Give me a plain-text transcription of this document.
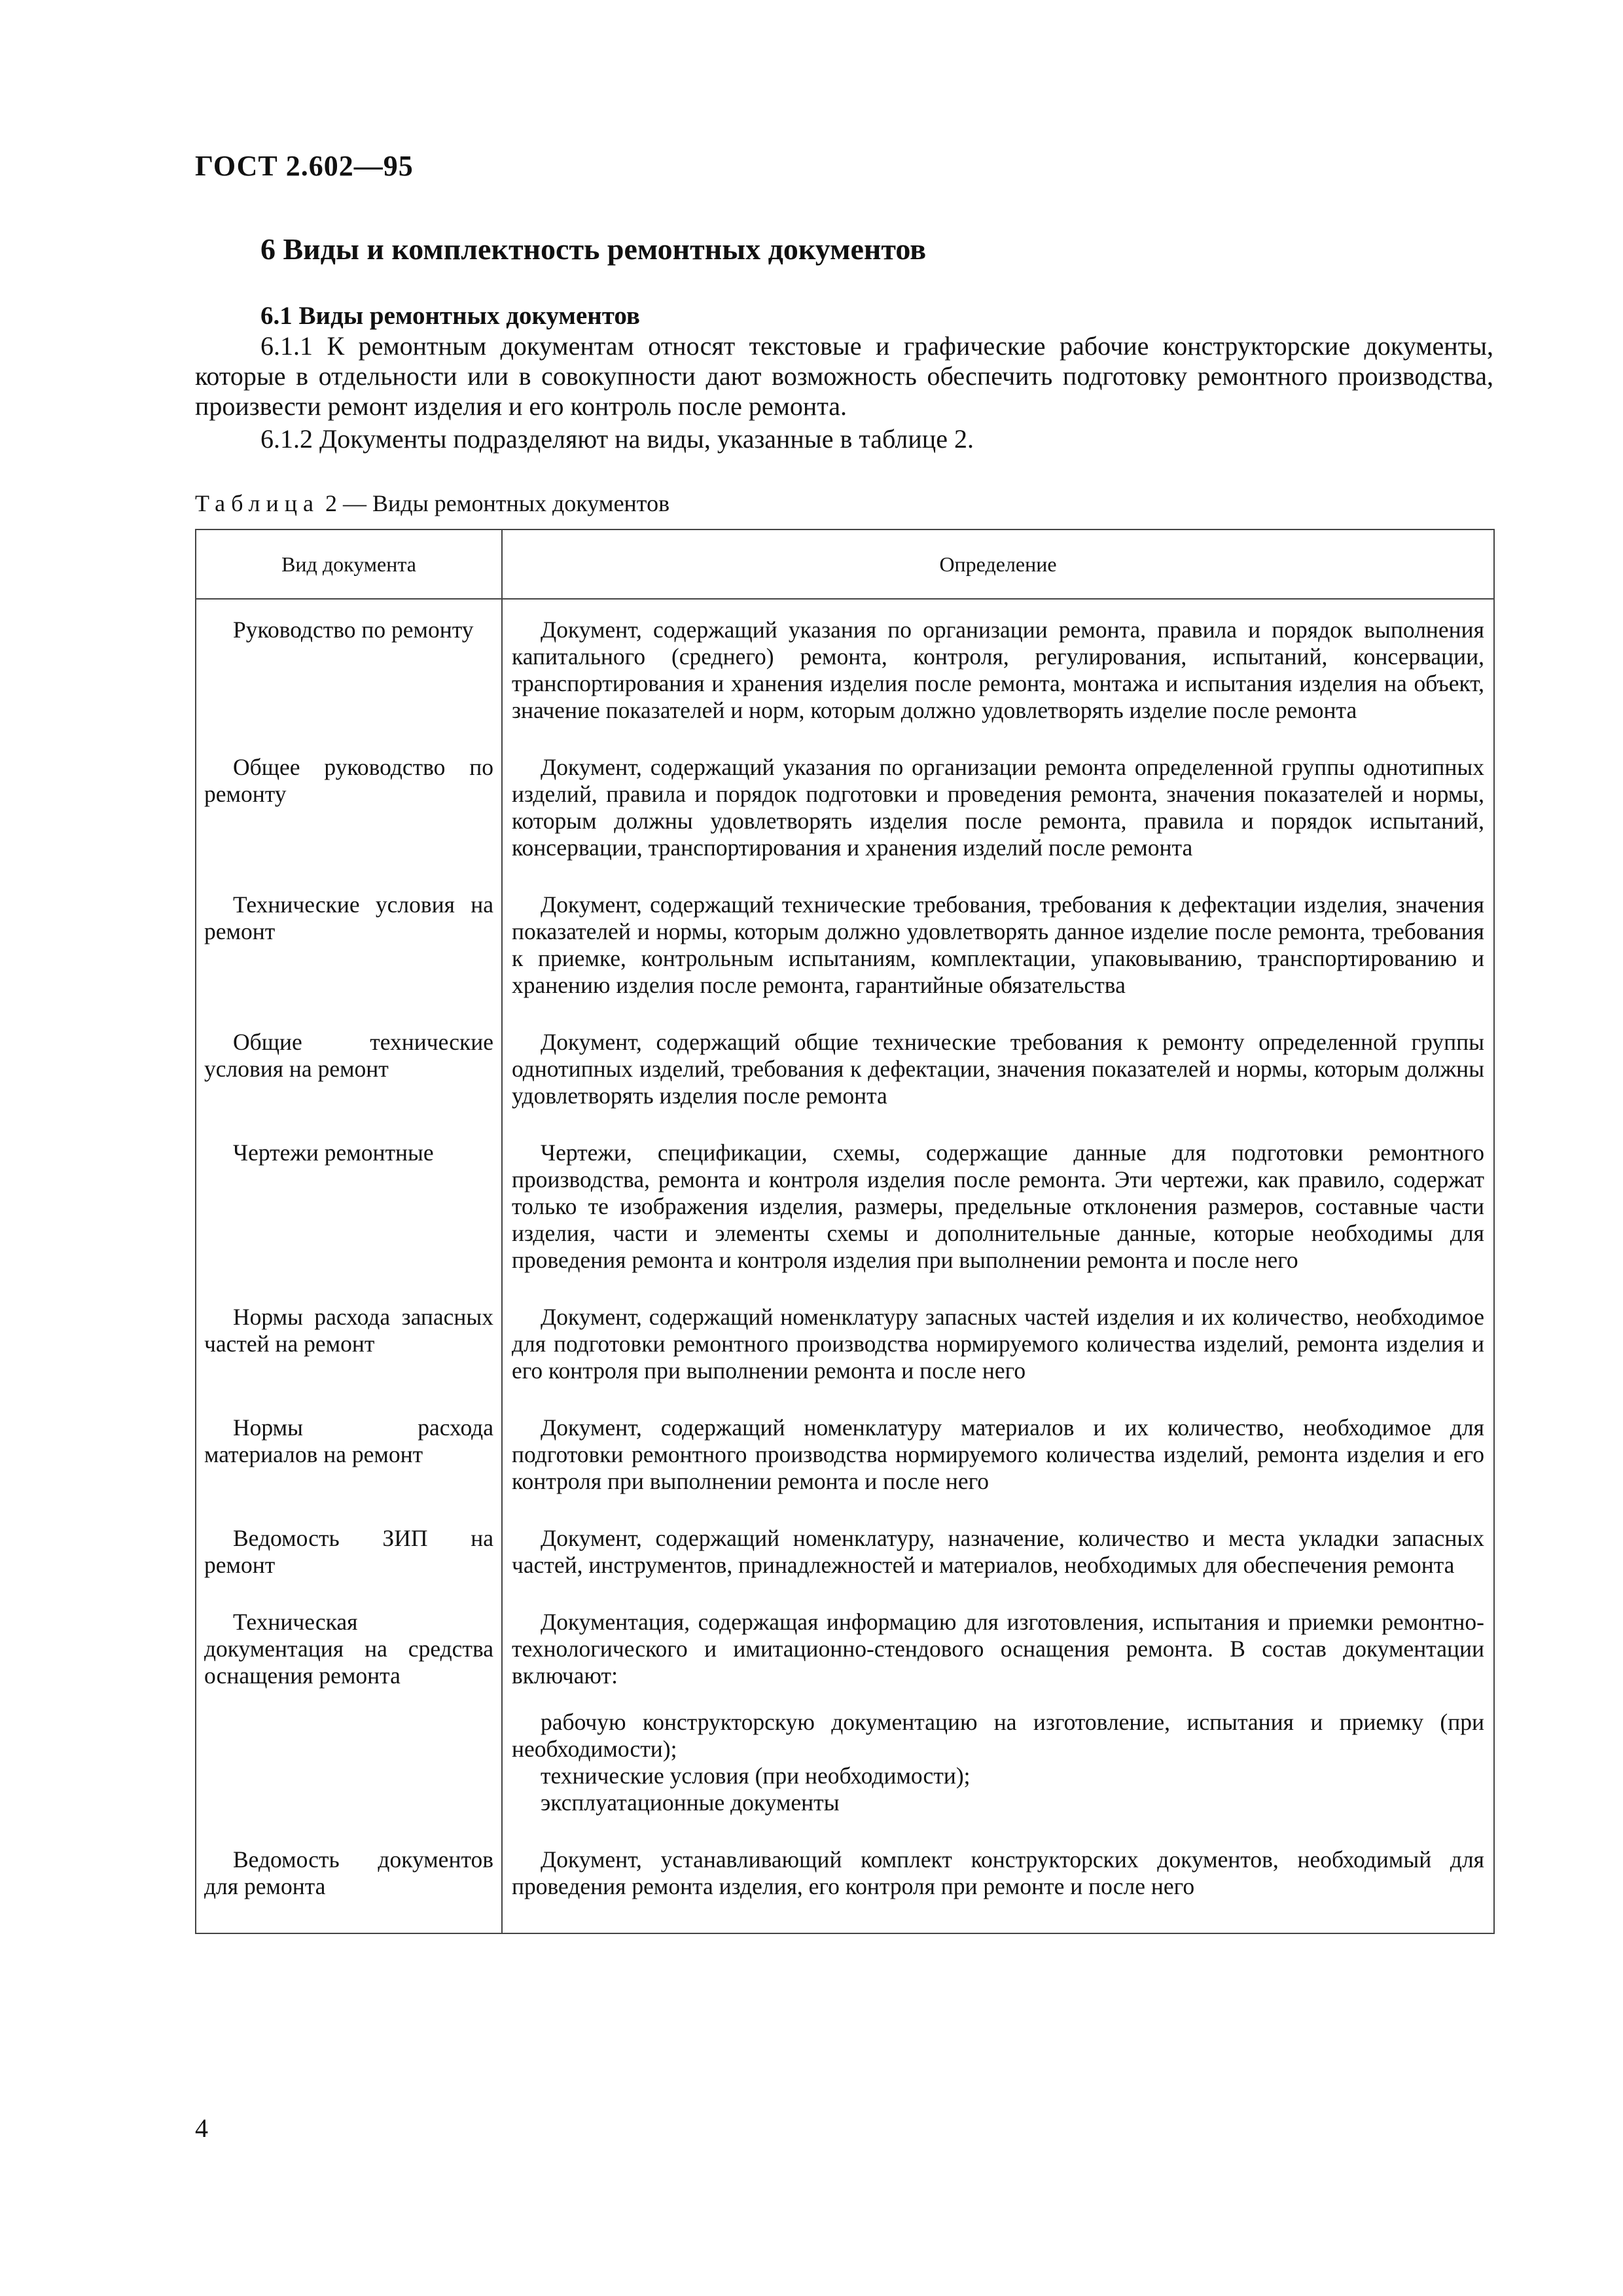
ГОСТ 2.602—95
6 Виды и комплектность ремонтных документов
6.1 Виды ремонтных документов
6.1.1 К ремонтным документам относят текстовые и графические рабочие конструкторские документы, которые в отдельности или в совокупности дают возможность обеспечить подготовку ремонтного производства, произвести ремонт изделия и его контроль после ремонта.
6.1.2 Документы подразделяют на виды, указанные в таблице 2.
Таблица 2 — Виды ремонтных документов
Вид документа	Определение
Руководство по ремонту	Документ, содержащий указания по организации ремонта, правила и порядок выполнения капитального (среднего) ремонта, контроля, регулирования, испытаний, консервации, транспортирования и хранения изделия после ремонта, монтажа и испытания изделия на объект, значение показателей и норм, которым должно удовлетворять изделие после ремонта
Общее руководство по ремонту	Документ, содержащий указания по организации ремонта определенной группы однотипных изделий, правила и порядок подготовки и проведения ремонта, значения показателей и нормы, которым должны удовлетворять изделия после ремонта, правила и порядок испытаний, консервации, транспортирования и хранения изделий после ремонта
Технические условия на ремонт	Документ, содержащий технические требования, требования к дефектации изделия, значения показателей и нормы, которым должно удовлетворять данное изделие после ремонта, требования к приемке, контрольным испытаниям, комплектации, упаковыванию, транспортированию и хранению изделия после ремонта, гарантийные обязательства
Общие технические условия на ремонт	Документ, содержащий общие технические требования к ремонту определенной группы однотипных изделий, требования к дефектации, значения показателей и нормы, которым должны удовлетворять изделия после ремонта
Чертежи ремонтные	Чертежи, спецификации, схемы, содержащие данные для подготовки ремонтного производства, ремонта и контроля изделия после ремонта. Эти чертежи, как правило, содержат только те изображения изделия, размеры, предельные отклонения размеров, составные части изделия, части и элементы схемы и дополнительные данные, которые необходимы для проведения ремонта и контроля изделия при выполнении ремонта и после него
Нормы расхода запасных частей на ремонт	Документ, содержащий номенклатуру запасных частей изделия и их количество, необходимое для подготовки ремонтного производства нормируемого количества изделий, ремонта изделия и его контроля при выполнении ремонта и после него
Нормы расхода материалов на ремонт	Документ, содержащий номенклатуру материалов и их количество, необходимое для подготовки ремонтного производства нормируемого количества изделий, ремонта изделия и его контроля при выполнении ремонта и после него
Ведомость ЗИП на ремонт	Документ, содержащий номенклатуру, назначение, количество и места укладки запасных частей, инструментов, принадлежностей и материалов, необходимых для обеспечения ремонта
Техническая документация на средства оснащения ремонта	Документация, содержащая информацию для изготовления, испытания и приемки ремонтно-технологического и имитационно-стендового оснащения ремонта. В состав документации включают:
рабочую конструкторскую документацию на изготовление, испытания и приемку (при необходимости);
технические условия (при необходимости);
эксплуатационные документы

Ведомость документов для ремонта	Документ, устанавливающий комплект конструкторских документов, необходимый для проведения ремонта изделия, его контроля при ремонте и после него
4
